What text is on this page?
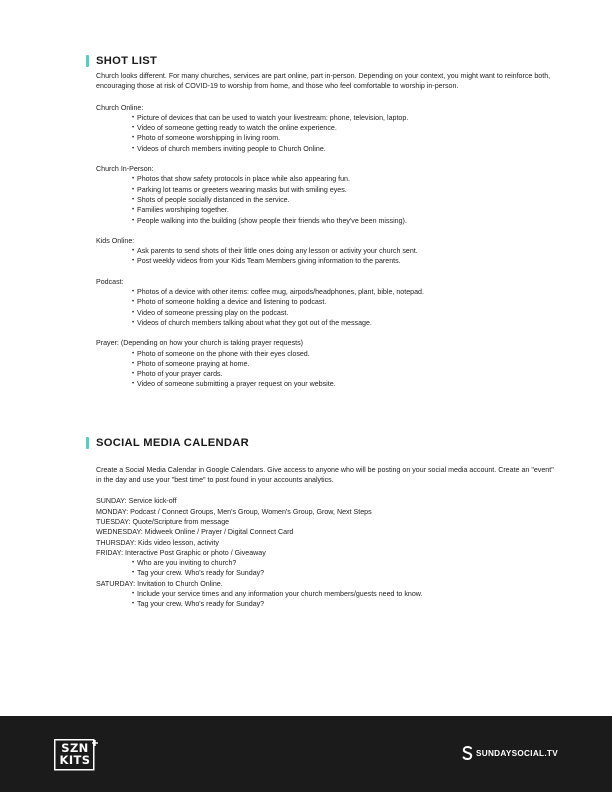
SHOT LIST

Church looks different. For many churches, services are part online, part in-person. Depending on your context, you might want to reinforce both, encouraging those at risk of COVID-19 to worship from home, and those who feel comfortable to worship in-person.

Church Online:

• Picture of devices that can be used to watch your livestream: phone, television, laptop.
• Video of someone getting ready to watch the online experience.
• Photo of someone worshipping in living room.
• Videos of church members inviting people to Church Online.

Church In-Person:

• Photos that show safety protocols in place while also appearing fun.
• Parking lot teams or greeters wearing masks but with smiling eyes.
• Shots of people socially distanced in the service.
• Families worshiping together.
• People walking into the building (show people their friends who they've been missing).

Kids Online:

• Ask parents to send shots of their little ones doing any lesson or activity your church sent.
• Post weekly videos from your Kids Team Members giving information to the parents.

Podcast:

• Photos of a device with other items: coffee mug, airpods/headphones, plant, bible, notepad.
• Photo of someone holding a device and listening to podcast.
• Video of someone pressing play on the podcast.
• Videos of church members talking about what they got out of the message.

Prayer: (Depending on how your church is taking prayer requests)

• Photo of someone on the phone with their eyes closed.
• Photo of someone praying at home.
• Photo of your prayer cards.
• Video of someone submitting a prayer request on your website.
SOCIAL MEDIA CALENDAR

Create a Social Media Calendar in Google Calendars. Give access to anyone who will be posting on your social media account. Create an "event" in the day and use your "best time" to post found in your accounts analytics.

SUNDAY: Service kick-off

MONDAY: Podcast / Connect Groups, Men's Group, Women's Group, Grow, Next Steps

TUESDAY: Quote/Scripture from message

WEDNESDAY: Midweek Online / Prayer / Digital Connect Card

THURSDAY: Kids video lesson, activity

FRIDAY: Interactive Post Graphic or photo / Giveaway

• Who are you inviting to church?
• Tag your crew. Who's ready for Sunday?

SATURDAY: Invitation to Church Online.

• Include your service times and any information your church members/guests need to know.
• Tag your crew. Who's ready for Sunday?
SZN
KITS	SUNDAYSOCIAL.TV
